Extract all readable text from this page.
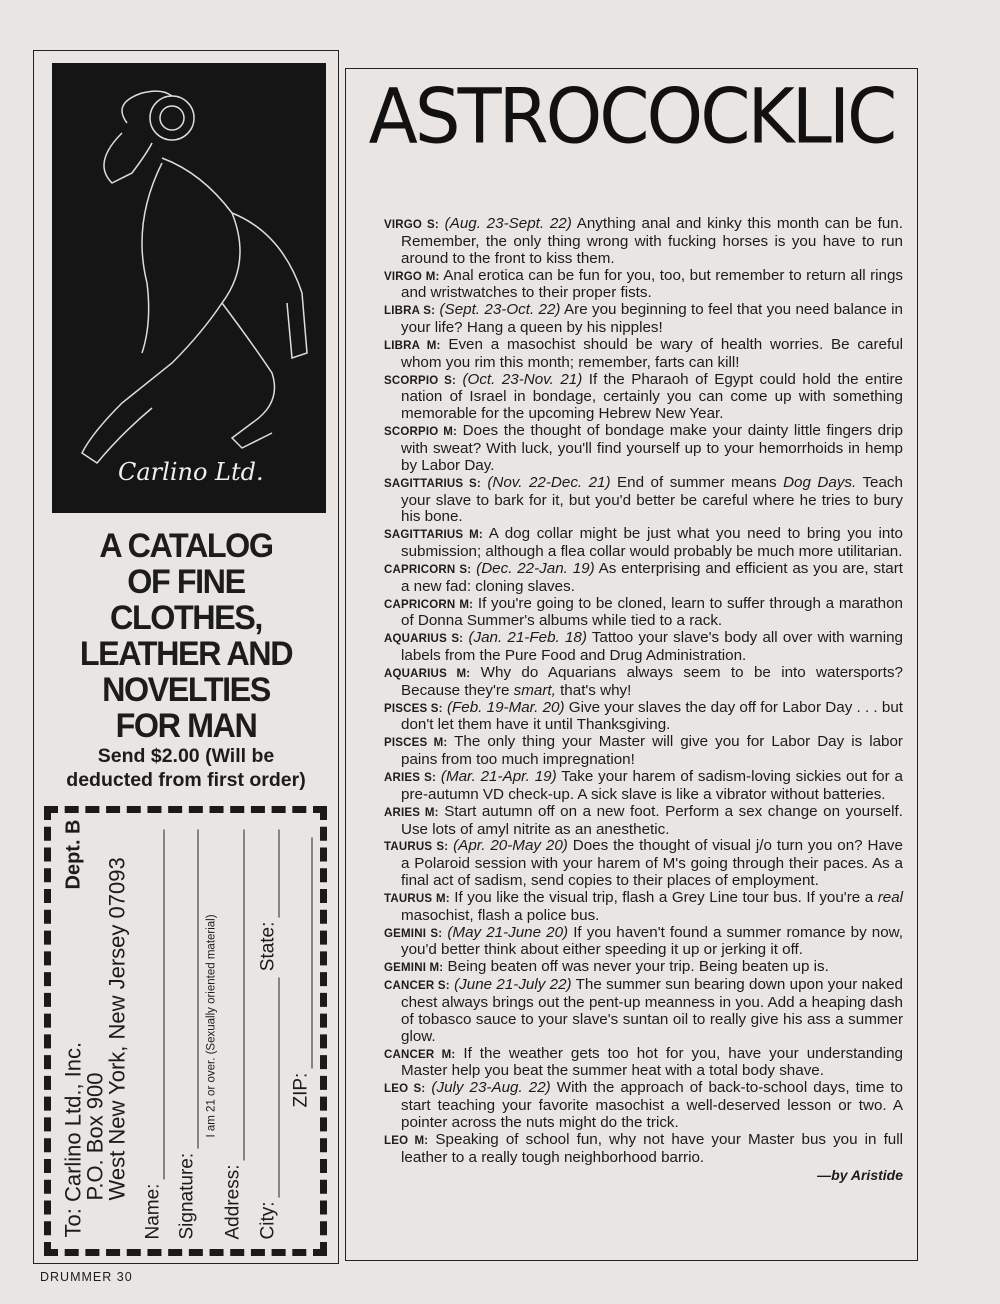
Carlino Ltd.
A CATALOG
OF FINE
CLOTHES,
LEATHER AND
NOVELTIES
FOR MAN
Send $2.00 (Will be
deducted from first order)
To: Carlino Ltd., Inc.
P.O. Box 900
West New York, New Jersey 07093
Dept. B
Name: Signature:
I am 21 or over. (Sexually oriented material)
Address: City:
State:
ZIP:
ASTROCOCKLIC
VIRGO S: (Aug. 23-Sept. 22) Anything anal and kinky this month can be fun. Remember, the only thing wrong with fucking horses is you have to run around to the front to kiss them.
VIRGO M: Anal erotica can be fun for you, too, but remember to return all rings and wristwatches to their proper fists.
LIBRA S: (Sept. 23-Oct. 22) Are you beginning to feel that you need balance in your life? Hang a queen by his nipples!
LIBRA M: Even a masochist should be wary of health worries. Be careful whom you rim this month; remember, farts can kill!
SCORPIO S: (Oct. 23-Nov. 21) If the Pharaoh of Egypt could hold the entire nation of Israel in bondage, certainly you can come up with something memorable for the upcoming Hebrew New Year.
SCORPIO M: Does the thought of bondage make your dainty little fingers drip with sweat? With luck, you'll find yourself up to your hemorrhoids in hemp by Labor Day.
SAGITTARIUS S: (Nov. 22-Dec. 21) End of summer means Dog Days. Teach your slave to bark for it, but you'd better be careful where he tries to bury his bone.
SAGITTARIUS M: A dog collar might be just what you need to bring you into submission; although a flea collar would probably be much more utilitarian.
CAPRICORN S: (Dec. 22-Jan. 19) As enterprising and efficient as you are, start a new fad: cloning slaves.
CAPRICORN M: If you're going to be cloned, learn to suffer through a marathon of Donna Summer's albums while tied to a rack.
AQUARIUS S: (Jan. 21-Feb. 18) Tattoo your slave's body all over with warning labels from the Pure Food and Drug Administration.
AQUARIUS M: Why do Aquarians always seem to be into watersports? Because they're smart, that's why!
PISCES S: (Feb. 19-Mar. 20) Give your slaves the day off for Labor Day . . . but don't let them have it until Thanksgiving.
PISCES M: The only thing your Master will give you for Labor Day is labor pains from too much impregnation!
ARIES S: (Mar. 21-Apr. 19) Take your harem of sadism-loving sickies out for a pre-autumn VD check-up. A sick slave is like a vibrator without batteries.
ARIES M: Start autumn off on a new foot. Perform a sex change on yourself. Use lots of amyl nitrite as an anesthetic.
TAURUS S: (Apr. 20-May 20) Does the thought of visual j/o turn you on? Have a Polaroid session with your harem of M's going through their paces. As a final act of sadism, send copies to their places of employment.
TAURUS M: If you like the visual trip, flash a Grey Line tour bus. If you're a real masochist, flash a police bus.
GEMINI S: (May 21-June 20) If you haven't found a summer romance by now, you'd better think about either speeding it up or jerking it off.
GEMINI M: Being beaten off was never your trip. Being beaten up is.
CANCER S: (June 21-July 22) The summer sun bearing down upon your naked chest always brings out the pent-up meanness in you. Add a heaping dash of tobasco sauce to your slave's suntan oil to really give his ass a summer glow.
CANCER M: If the weather gets too hot for you, have your understanding Master help you beat the summer heat with a total body shave.
LEO S: (July 23-Aug. 22) With the approach of back-to-school days, time to start teaching your favorite masochist a well-deserved lesson or two. A pointer across the nuts might do the trick.
LEO M: Speaking of school fun, why not have your Master bus you in full leather to a really tough neighborhood barrio.
—by Aristide
DRUMMER 30
